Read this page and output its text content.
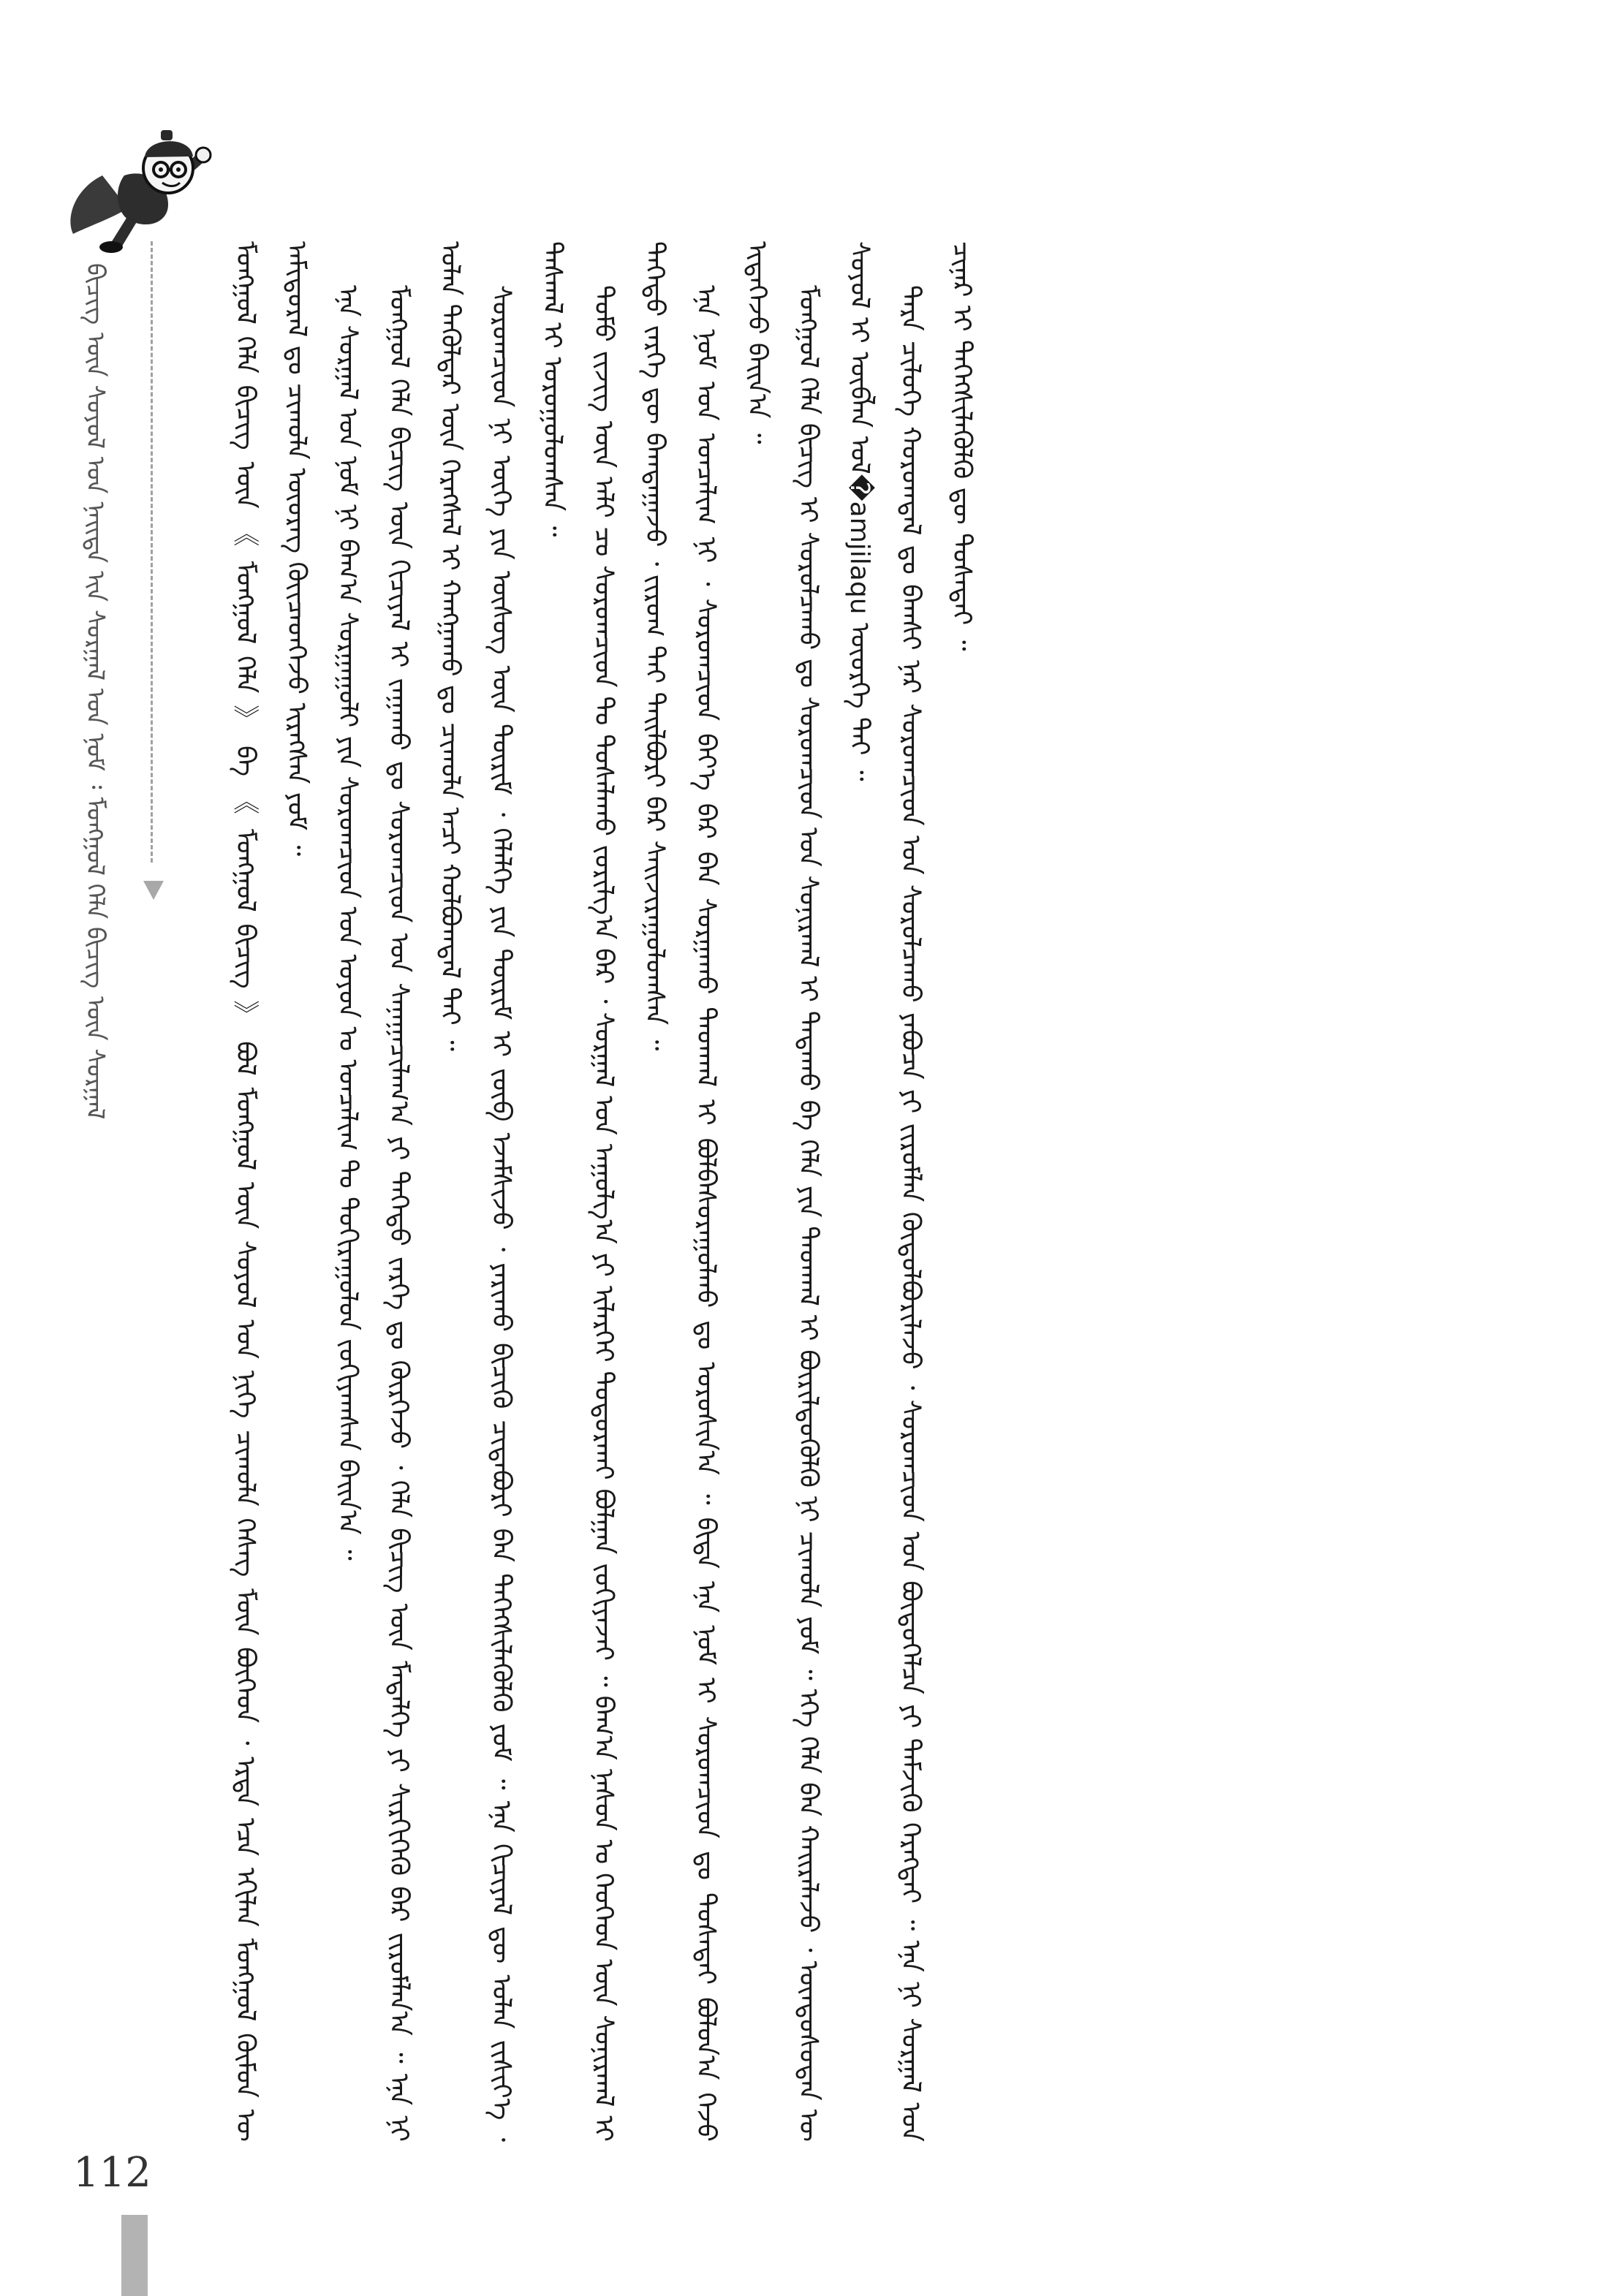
ᠪᠢᠴᠢᠭ ᠦᠨ ᠰᠣᠶᠣᠯ ᠤᠨ ᠨᠡᠢᠲᠡ ᠢᠨ ᠰᠤᠷᠭᠠᠯ ᠤᠨ ᠨᠣᠮ ᠄ ᠮᠣᠩᠭᠣᠯ ᠬᠡᠯᠡ ᠪᠢᠴᠢᠭ ᠦᠨ ᠰᠤᠷᠭᠠᠯ	ᠮᠣᠩᠭᠣᠯ ᠬᠡᠯᠡ ᠪᠢᠴᠢᠭ ᠦᠨ 《 ᠮᠣᠩᠭᠣᠯ ᠬᠡᠯᠡ 》 ᠪᠠ 《 ᠮᠣᠩᠭᠣᠯ ᠪᠢᠴᠢᠭ 》 ᠪᠤᠯ ᠮᠣᠩᠭᠣᠯ ᠦᠨ ᠰᠣᠶᠣᠯ ᠤᠨ ᠨᠢᠭᠡ ᠴᠢᠬᠤᠯᠠ ᠬᠡᠰᠡᠭ ᠮᠥᠨ ᠪᠥᠭᠡᠳ ᠂ ᠡᠷᠲᠡ ᠡᠴᠡ ᠡᠬᠢᠯᠡᠨ ᠮᠣᠩᠭᠣᠯ ᠬᠦᠮᠦᠨ ᠦ ᠠᠮᠢᠳᠤᠷᠠᠯ ᠳᠤ ᠴᠢᠬᠤᠯᠠ ᠦᠦᠷᠡᠭ ᠭᠦᠢᠴᠡᠳᠬᠡᠵᠦ ᠢᠷᠡᠭᠰᠡᠨ ᠶᠤᠮ ᠃ ᠡᠨᠡ ᠰᠤᠷᠭᠠᠯ ᠤᠨ ᠨᠣᠮ ᠨᠢ ᠪᠠᠭ᠎ᠠ ᠰᠤᠷᠭᠠᠭᠤᠯᠢ ᠶᠢᠨ ᠰᠤᠷᠤᠭᠴᠢᠳ ᠤᠨ ᠣᠶᠤᠨ ᠤ ᠣᠨᠴᠠᠯᠢᠭ ᠲᠤ ᠲᠣᠬᠢᠷᠠᠭᠤᠯᠤᠨ ᠵᠣᠬᠢᠶᠠᠭᠰᠠᠨ ᠪᠠᠢᠨ᠎ᠠ ᠃ ᠮᠣᠩᠭᠣᠯ ᠬᠡᠯᠡ ᠪᠢᠴᠢᠭ ᠦᠨ ᠬᠢᠴᠢᠶᠡᠯ ᠢ ᠵᠠᠭᠠᠬᠤ ᠳᠤ ᠰᠤᠷᠤᠭᠴᠢᠳ ᠤᠨ ᠰᠠᠨᠠᠭᠠᠴᠢᠯᠠᠭ᠎ᠠ ᠶᠢ ᠳᠡᠭᠡᠳᠦ ᠵᠡᠷᠭᠡ ᠳᠤ ᠬᠦᠷᠭᠡᠵᠦ ᠂ ᠬᠡᠯᠡ ᠪᠢᠴᠢᠭ ᠦᠨ ᠮᠡᠳᠡᠯᠭᠡ ᠶᠢ ᠰᠢᠷᠭᠢᠭᠡᠬᠦ ᠪᠡᠷ ᠵᠢᠷᠤᠮᠯᠠᠨ᠎ᠠ ᠃ ᠡᠨᠡ ᠨᠢ ᠣᠯᠠᠨ ᠲᠡᠭᠦᠯᠳᠡᠷ ᠦᠨ ᠬᠡᠷᠡᠭᠰᠡᠯ ᠢ ᠬᠠᠩᠭᠠᠬᠤ ᠳᠤ ᠴᠢᠬᠤᠯᠠ ᠠᠴᠢ ᠬᠣᠯᠪᠣᠭᠳᠠᠯ ᠲᠠᠢ ᠃ ᠰᠤᠷᠤᠭᠴᠢᠳ ᠨᠢ ᠦᠭᠡ ᠶᠢᠨ ᠦᠰᠦᠭ ᠦᠨ ᠳᠦᠷᠢᠮ ᠂ ᠬᠡᠯᠡᠯᠭᠡ ᠶᠢᠨ ᠳᠦᠷᠢᠮ ᠢ ᠵᠦᠪ ᠡᠵᠡᠮᠰᠢᠵᠦ ᠂ ᠶᠠᠷᠢᠬᠤ ᠪᠢᠴᠢᠬᠦ ᠴᠢᠳᠠᠪᠤᠷᠢ ᠪᠡᠨ ᠳᠡᠭᠡᠭᠰᠢᠯᠡᠭᠦᠯᠬᠦ ᠶᠤᠮ ᠃ ᠡᠨᠡ ᠬᠢᠴᠢᠶᠡᠯ ᠳᠦ ᠣᠯᠠᠨ ᠵᠢᠱᠢᠶ᠎ᠡ ᠂ ᠳᠠᠰᠬᠠᠯ ᠢ ᠣᠷᠣᠭᠤᠯᠤᠭᠰᠠᠨ ᠃ ᠲᠣᠮᠣ ᠵᠢᠵᠢᠭ ᠦᠨ ᠠᠯᠢ ᠴᠤ ᠰᠤᠷᠤᠭᠴᠢᠳ ᠲᠤ ᠲᠤᠰᠠᠯᠠᠬᠤ ᠵᠣᠷᠢᠯᠭ᠎ᠠ ᠪᠠᠷ ᠂ ᠰᠤᠷᠭᠠᠯ ᠤᠨ ᠠᠭᠤᠯᠭ᠎ᠠ ᠶᠢ ᠢᠯᠡᠷᠬᠡᠢ ᠲᠣᠳᠣᠷᠬᠠᠢ ᠪᠣᠯᠭᠠᠨ ᠵᠣᠬᠢᠶᠠᠵᠠᠢ ᠃ ᠪᠠᠭ᠎ᠠ ᠨᠠᠰᠤᠨ ᠤ ᠬᠡᠦᠬᠡᠳ ᠦᠨ ᠰᠣᠨᠢᠷᠬᠠᠯ ᠢ ᠳᠡᠭᠡᠳᠦ ᠵᠡᠷᠭᠡ ᠳᠦ ᠪᠠᠭᠲᠠᠭᠠᠵᠤ ᠂ ᠵᠢᠷᠤᠭ ᠲᠠᠢ ᠲᠠᠢᠯᠪᠤᠷᠢ ᠪᠠᠷ ᠰᠠᠢᠵᠢᠷᠠᠭᠤᠯᠤᠭᠰᠠᠨ ᠃ ᠡᠨᠡ ᠨᠣᠮ ᠤᠨ ᠣᠨᠴᠠᠯᠢᠭ ᠨᠢ ᠂ ᠰᠤᠷᠤᠭᠴᠢᠳ ᠪᠡᠶ᠎ᠡ ᠪᠡᠷ ᠪᠠᠨ ᠰᠤᠷᠭᠠᠬᠤ ᠳᠠᠳᠬᠠᠯ ᠢ ᠪᠣᠯᠪᠠᠰᠤᠷᠠᠭᠤᠯᠬᠤ ᠳᠤ ᠣᠷᠣᠰᠢᠨ᠎ᠠ ᠃ ᠪᠢᠳᠡ ᠡᠨᠡ ᠨᠣᠮ ᠢ ᠰᠤᠷᠤᠭᠴᠢᠳ ᠳᠤ ᠲᠤᠰᠠᠲᠠᠢ ᠪᠣᠯᠤᠨ᠎ᠠ ᠭᠡᠵᠦ ᠢᠳᠡᠭᠡᠵᠦ ᠪᠠᠢᠨ᠎ᠠ ᠃ ᠮᠣᠩᠭᠣᠯ ᠬᠡᠯᠡ ᠪᠢᠴᠢᠭ ᠢ ᠰᠤᠷᠤᠯᠴᠠᠬᠤ ᠳᠤ ᠰᠤᠷᠤᠭᠴᠢᠳ ᠤᠨ ᠰᠣᠨᠢᠷᠬᠠᠯ ᠢ ᠲᠠᠲᠠᠬᠤ ᠪᠠ ᠬᠡᠯᠡ ᠶᠢᠨ ᠳᠠᠳᠬᠠᠯ ᠢ ᠪᠦᠷᠢᠯᠳᠦᠭᠦᠯᠬᠦ ᠨᠢ ᠴᠢᠬᠤᠯᠠ ᠶᠤᠮ ᠃ ᠡᠬᠡ ᠬᠡᠯᠡ ᠪᠡᠨ ᠬᠠᠢᠷᠠᠯᠠᠵᠤ ᠂ ᠦᠨᠳᠦᠰᠦᠲᠡᠨ ᠦ ᠰᠣᠶᠣᠯ ᠢ ᠥᠪᠯᠡᠨ ᠤᠯ�amjilaqu ᠦᠦᠷᠭᠡ ᠲᠠᠢ ᠃ ᠲᠡᠷᠡ ᠴᠢᠯᠦᠭᠡ ᠬᠣᠷᠣᠭᠳᠠᠯ ᠳᠤ ᠪᠠᠭᠰᠢ ᠨᠠᠷ ᠰᠤᠷᠤᠭᠴᠢᠳ ᠤᠨ ᠰᠤᠷᠤᠯᠴᠠᠬᠤ ᠶᠠᠪᠤᠴᠠ ᠶᠢ ᠵᠢᠷᠤᠮᠯᠠᠨ ᠬᠥᠲᠥᠯᠪᠦᠷᠢᠯᠡᠵᠦ ᠂ ᠰᠤᠷᠤᠭᠴᠢᠳ ᠤᠨ ᠪᠦᠲᠦᠭᠡᠯᠴᠡ ᠶᠢ ᠳᠡᠮᠵᠢᠬᠦ ᠬᠡᠷᠡᠭᠲᠡᠢ ᠃ ᠡᠨᠡ ᠨᠢ ᠰᠤᠷᠭᠠᠯ ᠤᠨ ᠴᠢᠨᠠᠷ ᠢ ᠳᠡᠭᠡᠭᠰᠢᠯᠡᠭᠦᠯᠬᠦ ᠳᠦ ᠲᠤᠰᠠᠲᠠᠢ ᠃

112
